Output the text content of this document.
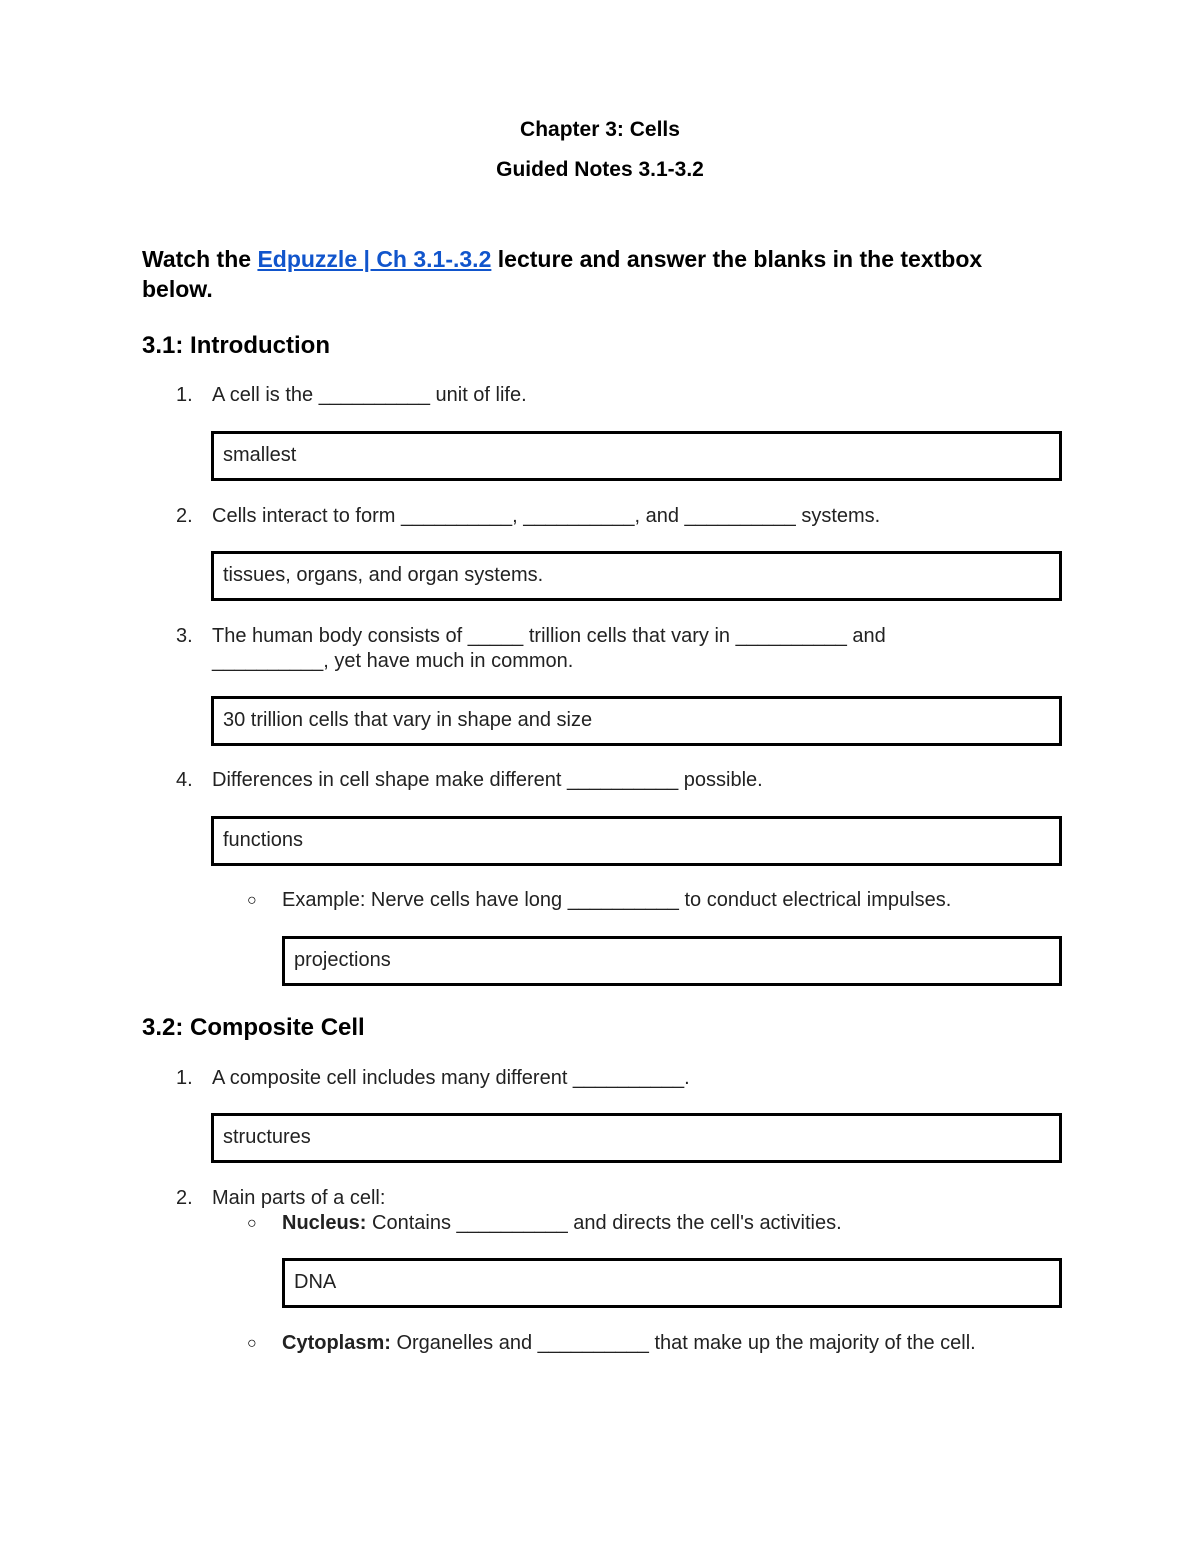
Chapter 3: Cells
Guided Notes 3.1-3.2
Watch the Edpuzzle | Ch 3.1-.3.2 lecture and answer the blanks in the textbox
below.
3.1: Introduction
1. A cell is the __________ unit of life.
smallest
2. Cells interact to form __________, __________, and __________ systems.
tissues, organs, and organ systems.
3. The human body consists of _____ trillion cells that vary in __________ and
__________, yet have much in common.
30 trillion cells that vary in shape and size
4. Differences in cell shape make different __________ possible.
functions
○ Example: Nerve cells have long __________ to conduct electrical impulses.
projections
3.2: Composite Cell
1. A composite cell includes many different __________.
structures
2. Main parts of a cell:
○ Nucleus: Contains __________ and directs the cell's activities.
DNA
○ Cytoplasm: Organelles and __________ that make up the majority of the cell.
